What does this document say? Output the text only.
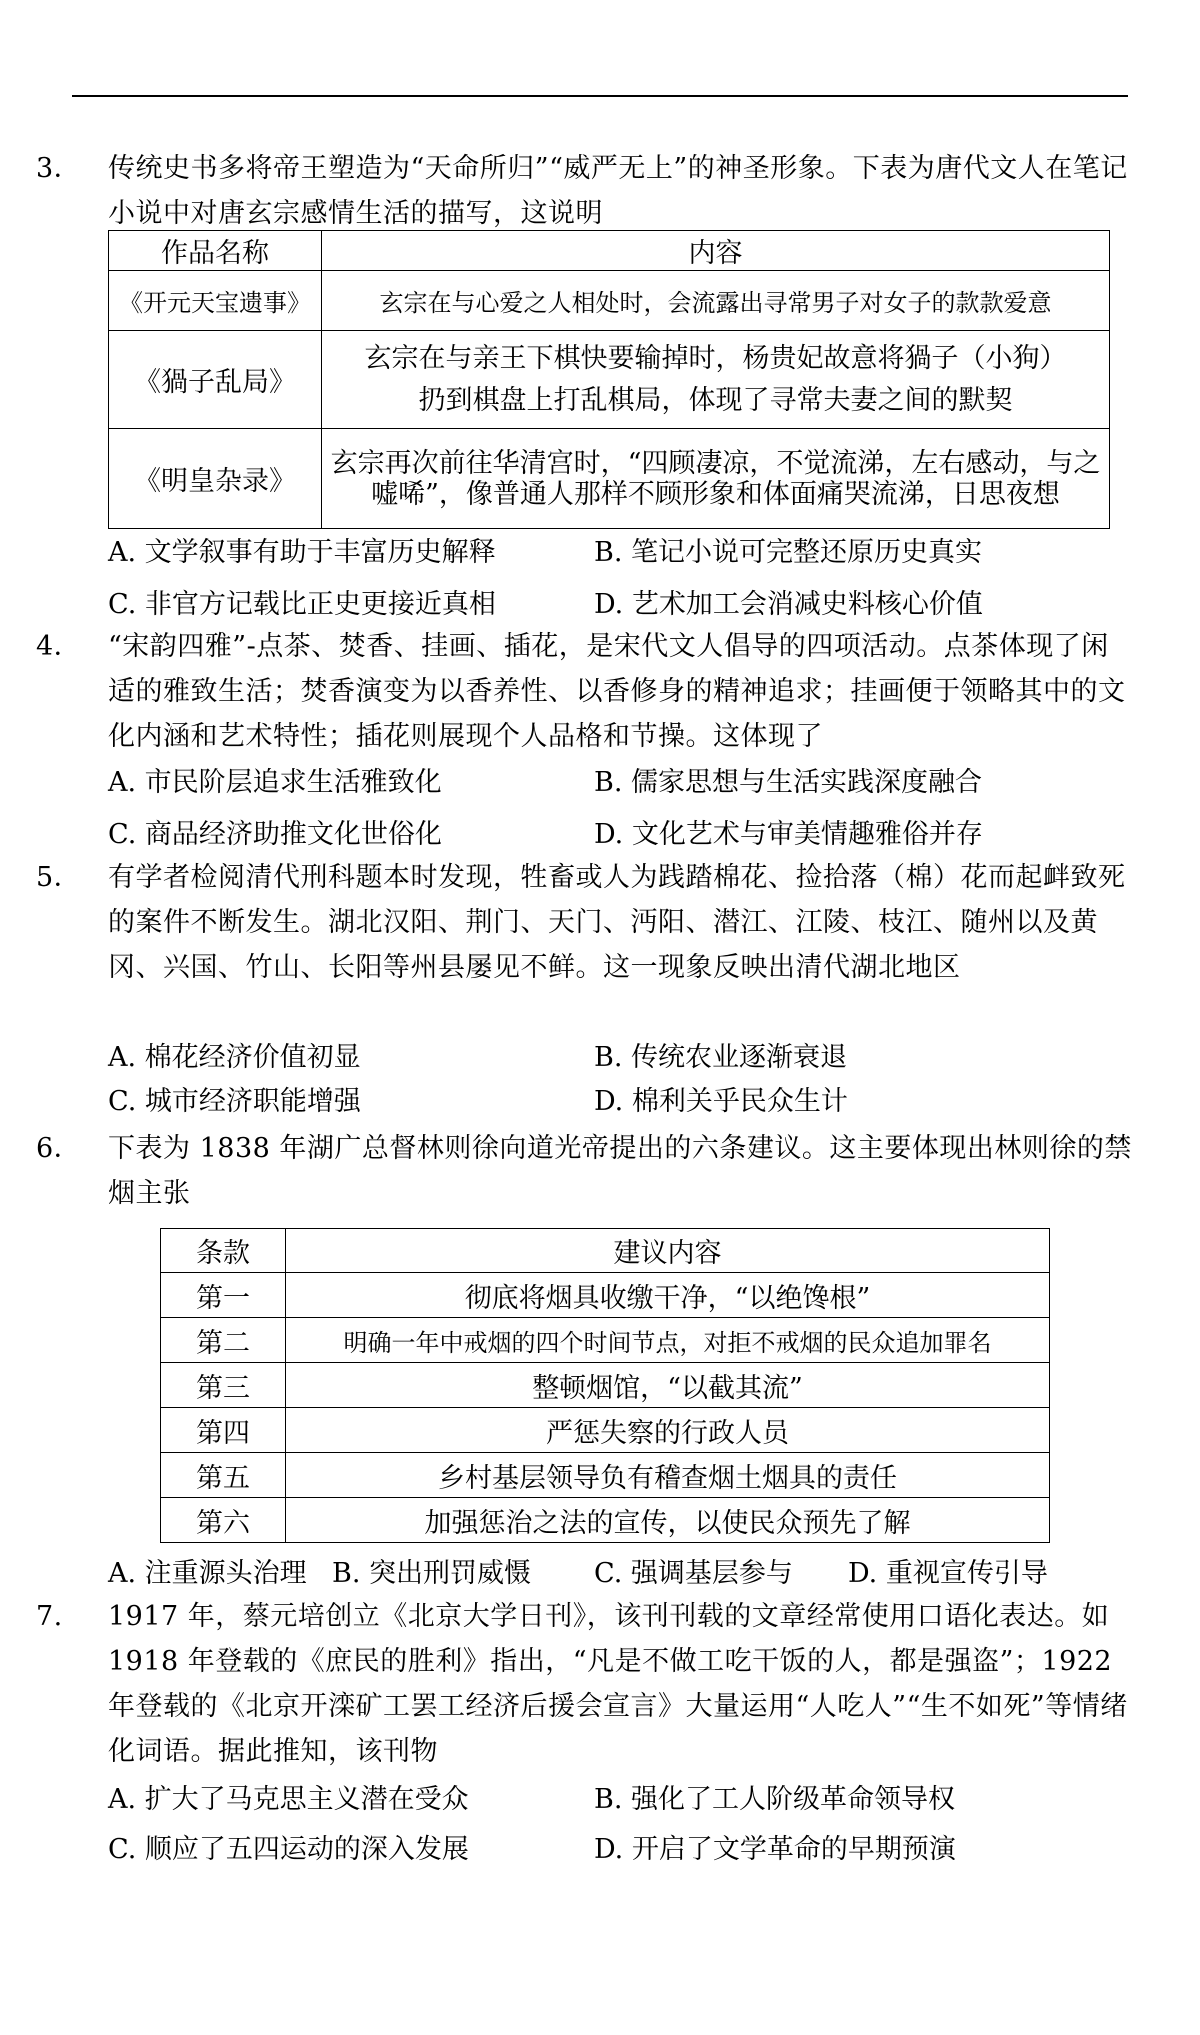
3． 传统史书多将帝王塑造为“天命所归”“威严无上”的神圣形象。下表为唐代文人在笔记小说中对唐玄宗感情生活的描写，这说明
作品名称	内容
《开元天宝遗事》	玄宗在与心爱之人相处时，会流露出寻常男子对女子的款款爱意
《猧子乱局》	玄宗在与亲王下棋快要输掉时，杨贵妃故意将猧子（小狗）扔到棋盘上打乱棋局，体现了寻常夫妻之间的默契
《明皇杂录》	玄宗再次前往华清宫时，“四顾凄凉，不觉流涕，左右感动，与之嘘唏”，像普通人那样不顾形象和体面痛哭流涕，日思夜想
A. 文学叙事有助于丰富历史解释	B. 笔记小说可完整还原历史真实
C. 非官方记载比正史更接近真相	D. 艺术加工会消减史料核心价值
4． “宋韵四雅”-点茶、焚香、挂画、插花，是宋代文人倡导的四项活动。点茶体现了闲适的雅致生活；焚香演变为以香养性、以香修身的精神追求；挂画便于领略其中的文化内涵和艺术特性；插花则展现个人品格和节操。这体现了
A. 市民阶层追求生活雅致化	B. 儒家思想与生活实践深度融合
C. 商品经济助推文化世俗化	D. 文化艺术与审美情趣雅俗并存
5． 有学者检阅清代刑科题本时发现，牲畜或人为践踏棉花、捡拾落（棉）花而起衅致死的案件不断发生。湖北汉阳、荆门、天门、沔阳、潜江、江陵、枝江、随州以及黄冈、兴国、竹山、长阳等州县屡见不鲜。这一现象反映出清代湖北地区
A. 棉花经济价值初显	B. 传统农业逐渐衰退
C. 城市经济职能增强	D. 棉利关乎民众生计
6． 下表为 1838 年湖广总督林则徐向道光帝提出的六条建议。这主要体现出林则徐的禁烟主张
条款	建议内容
第一	彻底将烟具收缴干净，“以绝馋根”
第二	明确一年中戒烟的四个时间节点，对拒不戒烟的民众追加罪名
第三	整顿烟馆，“以截其流”
第四	严惩失察的行政人员
第五	乡村基层领导负有稽查烟土烟具的责任
第六	加强惩治之法的宣传，以使民众预先了解
A. 注重源头治理 B. 突出刑罚威慑 C. 强调基层参与 D. 重视宣传引导
7. 1917 年，蔡元培创立《北京大学日刊》，该刊刊载的文章经常使用口语化表达。如 1918 年登载的《庶民的胜利》指出，“凡是不做工吃干饭的人，都是强盗”；1922 年登载的《北京开滦矿工罢工经济后援会宣言》大量运用“人吃人”“生不如死”等情绪化词语。据此推知，该刊物
A. 扩大了马克思主义潜在受众	B. 强化了工人阶级革命领导权
C. 顺应了五四运动的深入发展	D. 开启了文学革命的早期预演
